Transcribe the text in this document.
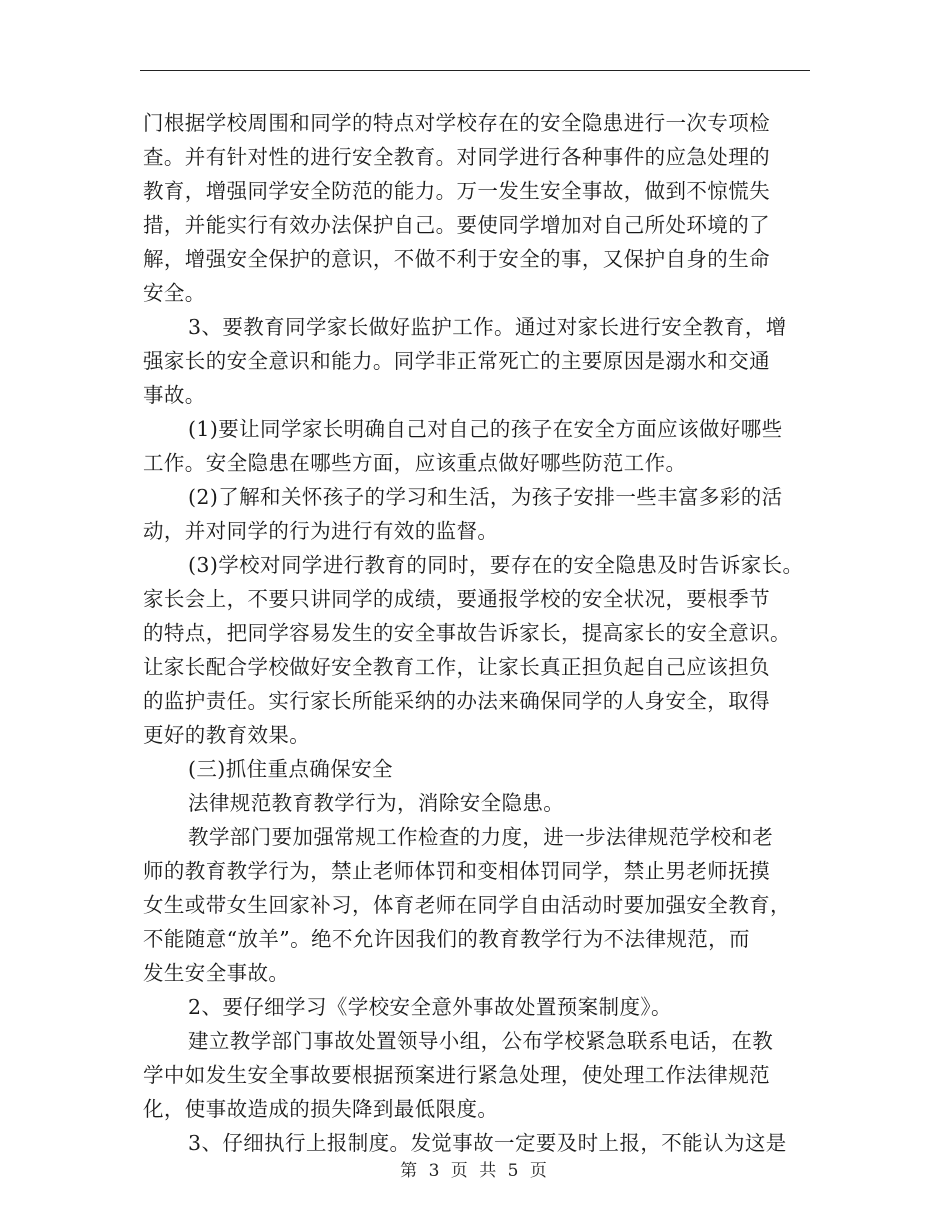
门根据学校周围和同学的特点对学校存在的安全隐患进行一次专项检
查。并有针对性的进行安全教育。对同学进行各种事件的应急处理的
教育，增强同学安全防范的能力。万一发生安全事故，做到不惊慌失
措，并能实行有效办法保护自己。要使同学增加对自己所处环境的了
解，增强安全保护的意识，不做不利于安全的事，又保护自身的生命
安全。
3、要教育同学家长做好监护工作。通过对家长进行安全教育，增
强家长的安全意识和能力。同学非正常死亡的主要原因是溺水和交通
事故。
(1)要让同学家长明确自己对自己的孩子在安全方面应该做好哪些
工作。安全隐患在哪些方面，应该重点做好哪些防范工作。
(2)了解和关怀孩子的学习和生活，为孩子安排一些丰富多彩的活
动，并对同学的行为进行有效的监督。
(3)学校对同学进行教育的同时，要存在的安全隐患及时告诉家长。
家长会上，不要只讲同学的成绩，要通报学校的安全状况，要根季节
的特点，把同学容易发生的安全事故告诉家长，提高家长的安全意识。
让家长配合学校做好安全教育工作，让家长真正担负起自己应该担负
的监护责任。实行家长所能采纳的办法来确保同学的人身安全，取得
更好的教育效果。
(三)抓住重点确保安全
法律规范教育教学行为，消除安全隐患。
教学部门要加强常规工作检查的力度，进一步法律规范学校和老
师的教育教学行为，禁止老师体罚和变相体罚同学，禁止男老师抚摸
女生或带女生回家补习，体育老师在同学自由活动时要加强安全教育，
不能随意“放羊”。绝不允许因我们的教育教学行为不法律规范，而
发生安全事故。
2、要仔细学习《学校安全意外事故处置预案制度》。
建立教学部门事故处置领导小组，公布学校紧急联系电话，在教
学中如发生安全事故要根据预案进行紧急处理，使处理工作法律规范
化，使事故造成的损失降到最低限度。
3、仔细执行上报制度。发觉事故一定要及时上报，不能认为这是
第 3 页 共 5 页
